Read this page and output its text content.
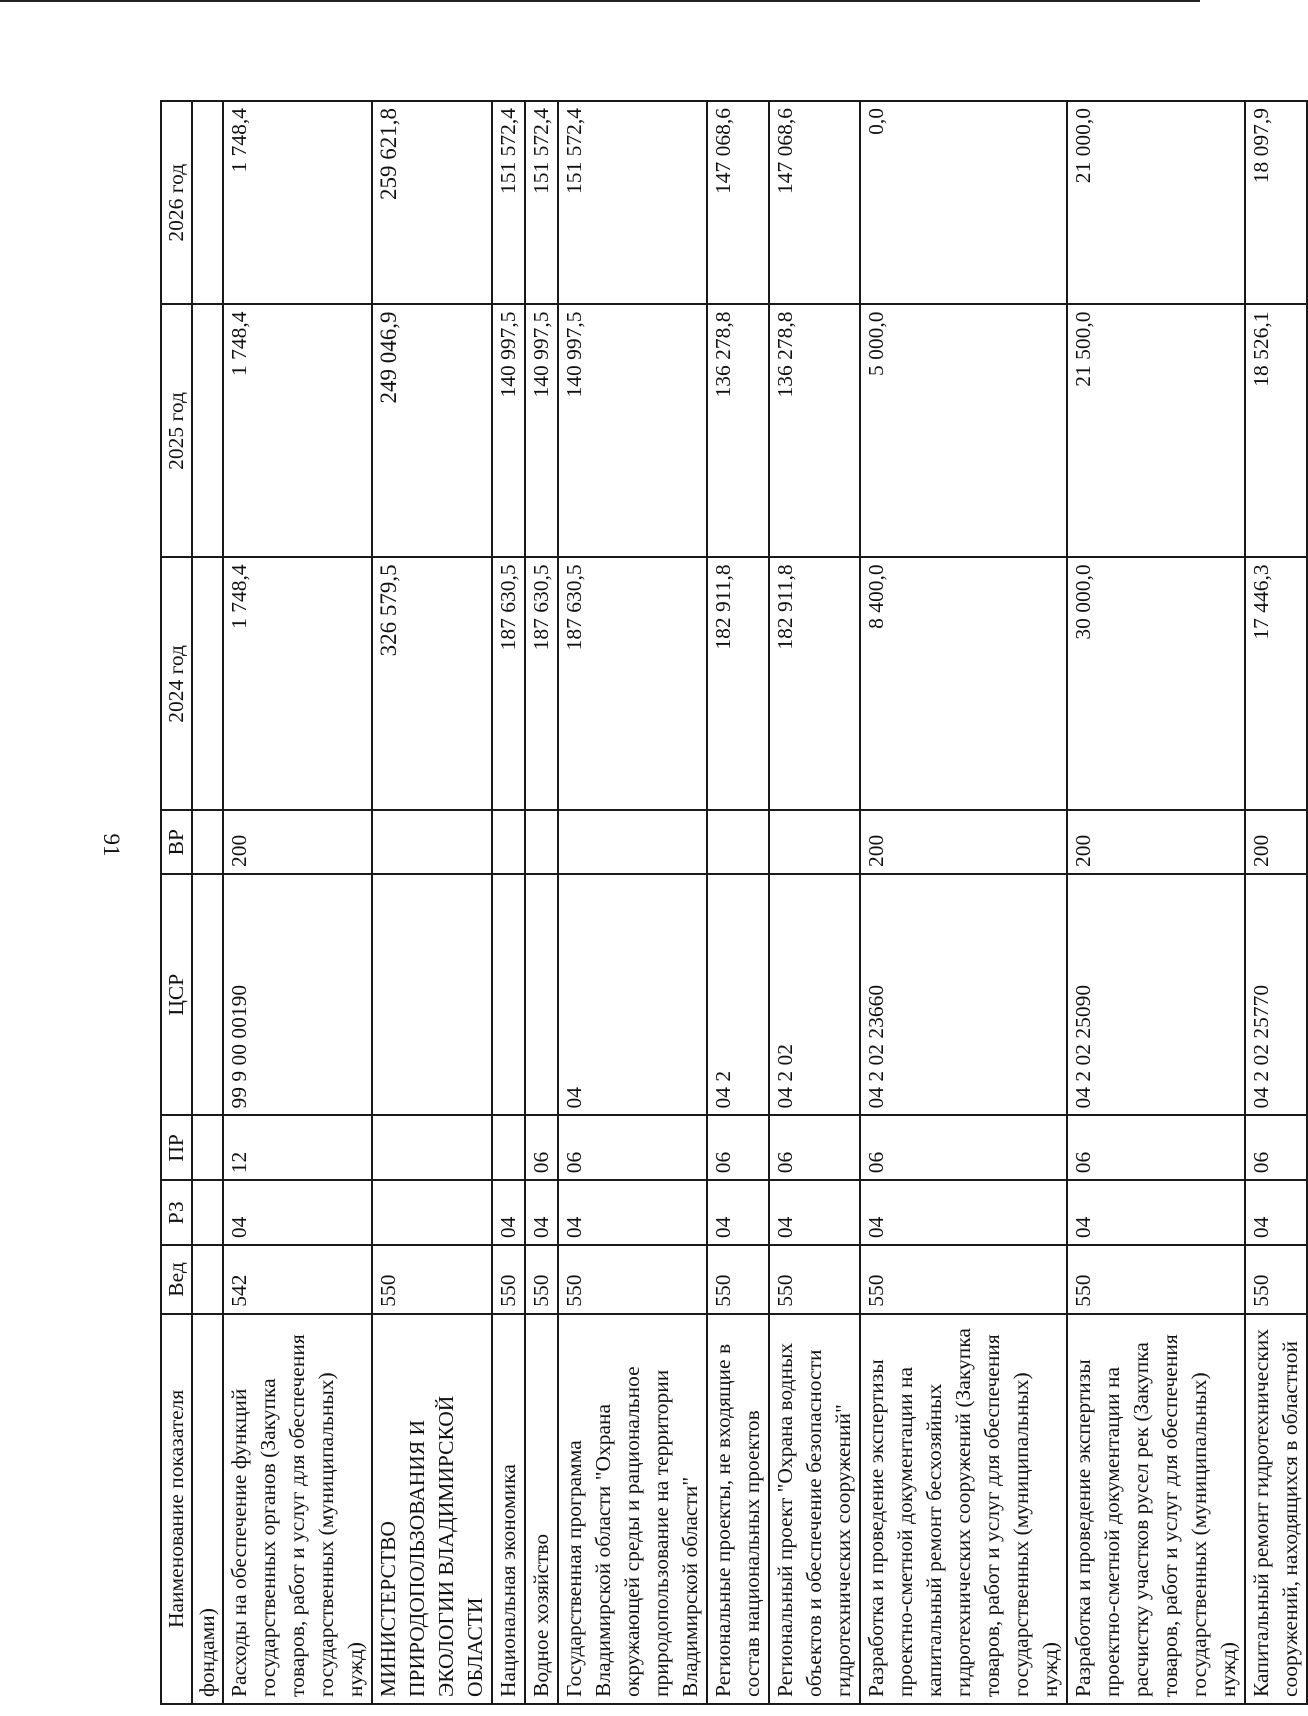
91
Наименование показателя	Вед	РЗ	ПР	ЦСР	ВР	2024 год	2025 год	2026 год
фондами)								
Расходы на обеспечение функций государственных органов (Закупка товаров, работ и услуг для обеспечения государственных (муниципальных) нужд)	542	04	12	99 9 00 00190	200	1 748,4	1 748,4	1 748,4
МИНИСТЕРСТВО ПРИРОДОПОЛЬЗОВАНИЯ И ЭКОЛОГИИ ВЛАДИМИРСКОЙ ОБЛАСТИ	550					326 579,5	249 046,9	259 621,8
Национальная экономика	550	04				187 630,5	140 997,5	151 572,4
Водное хозяйство	550	04	06			187 630,5	140 997,5	151 572,4
Государственная программа Владимирской области "Охрана окружающей среды и рациональное природопользование на территории Владимирской области"	550	04	06	04		187 630,5	140 997,5	151 572,4
Региональные проекты, не входящие в состав национальных проектов	550	04	06	04 2		182 911,8	136 278,8	147 068,6
Региональный проект "Охрана водных объектов и обеспечение безопасности гидротехнических сооружений"	550	04	06	04 2 02		182 911,8	136 278,8	147 068,6
Разработка и проведение экспертизы проектно-сметной документации на капитальный ремонт бесхозяйных гидротехнических сооружений (Закупка товаров, работ и услуг для обеспечения государственных (муниципальных) нужд)	550	04	06	04 2 02 23660	200	8 400,0	5 000,0	0,0
Разработка и проведение экспертизы проектно-сметной документации на расчистку участков русел рек (Закупка товаров, работ и услуг для обеспечения государственных (муниципальных) нужд)	550	04	06	04 2 02 25090	200	30 000,0	21 500,0	21 000,0
Капитальный ремонт гидротехнических сооружений, находящихся в областной	550	04	06	04 2 02 25770	200	17 446,3	18 526,1	18 097,9
